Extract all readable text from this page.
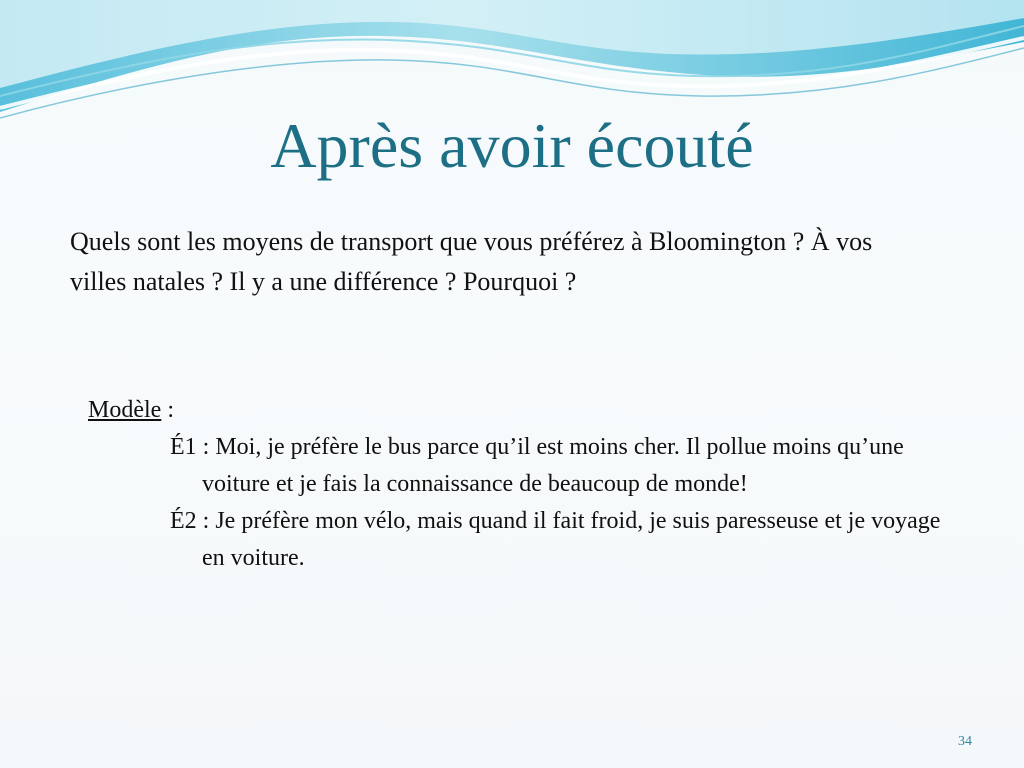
Après avoir écouté

Quels sont les moyens de transport que vous préférez à Bloomington ? À vos villes natales ? Il y a une différence ? Pourquoi ?

Modèle :

É1 : Moi, je préfère le bus parce qu’il est moins cher. Il pollue moins qu’une voiture et je fais la connaissance de beaucoup de monde!

É2 : Je préfère mon vélo, mais quand il fait froid, je suis paresseuse et je voyage en voiture.

34
